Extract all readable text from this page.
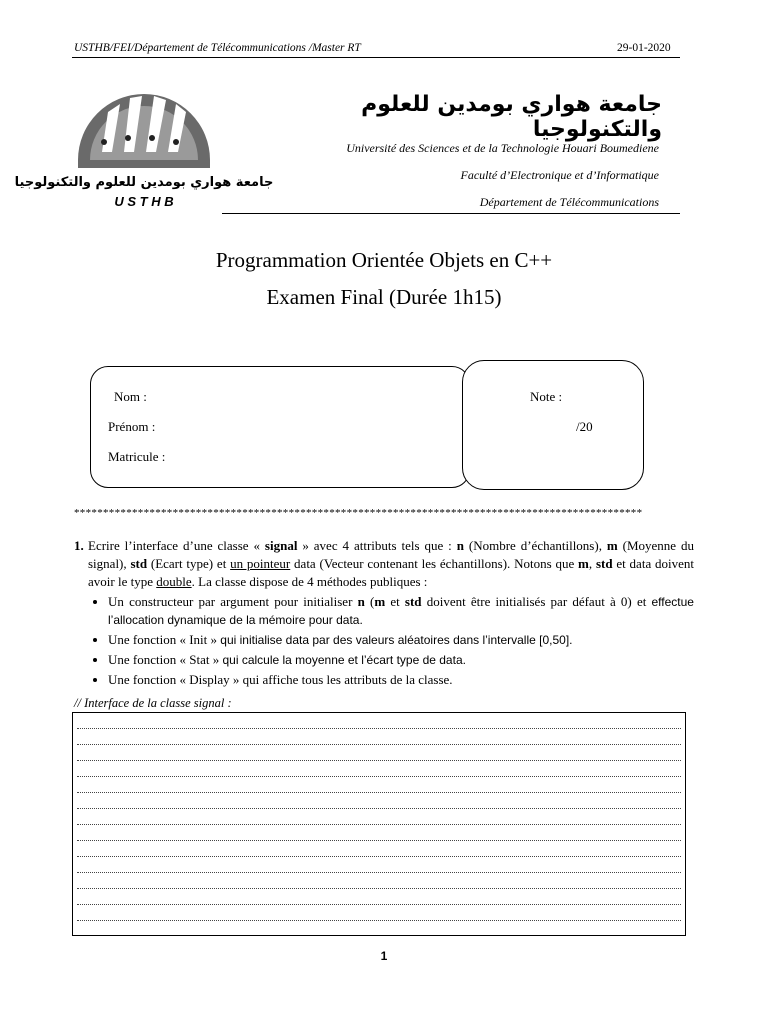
USTHB/FEI/Département de Télécommunications /Master RT	29-01-2020
جامعة هواري بومدين للعلوم والتكنولوجيا
U S T H B
جامعة هواري بومدين للعلوم والتكنولوجيا
Université des Sciences et de la Technologie Houari Boumediene
Faculté d’Electronique et d’Informatique
Département de Télécommunications
Programmation Orientée Objets en C++
Examen Final (Durée 1h15)
Nom :
Prénom :
Matricule :
Note :
/20
**************************************************************************************************
1. Ecrire l’interface d’une classe « signal » avec 4 attributs tels que : n (Nombre d’échantillons), m (Moyenne du signal), std (Ecart type) et un pointeur data (Vecteur contenant les échantillons). Notons que m, std et data doivent avoir le type double. La classe dispose de 4 méthodes publiques :
• Un constructeur par argument pour initialiser n (m et std doivent être initialisés par défaut à 0) et effectue l’allocation dynamique de la mémoire pour data.
• Une fonction « Init » qui initialise data par des valeurs aléatoires dans l’intervalle [0,50].
• Une fonction « Stat » qui calcule la moyenne et l’écart type de data.
• Une fonction « Display » qui affiche tous les attributs de la classe.
// Interface de la classe signal :
1
